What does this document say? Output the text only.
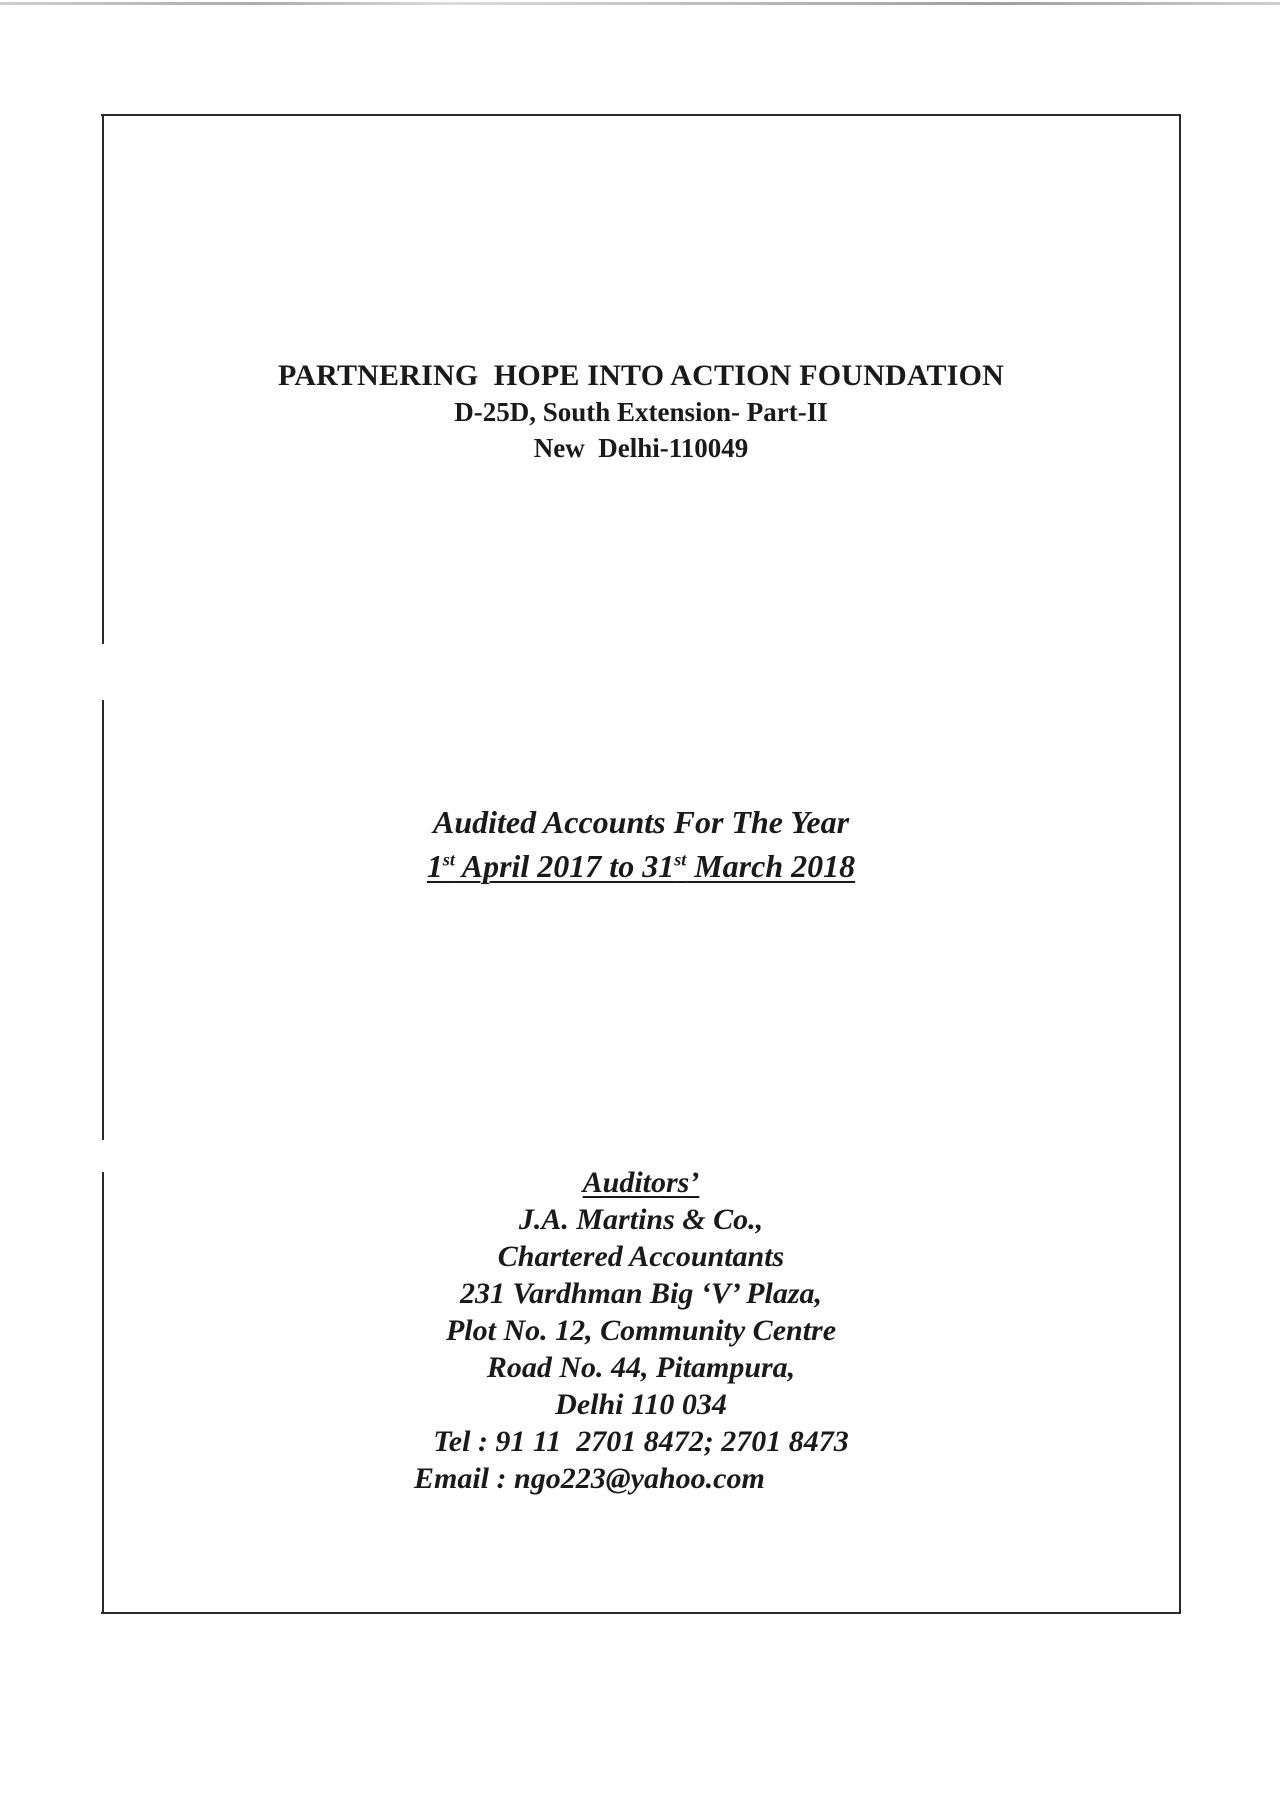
PARTNERING  HOPE INTO ACTION FOUNDATION
D-25D, South Extension- Part-II
New  Delhi-110049
Audited Accounts For The Year
1st April 2017 to 31st March 2018
Auditors’
J.A. Martins & Co.,
Chartered Accountants
231 Vardhman Big ‘V’ Plaza,
Plot No. 12, Community Centre
Road No. 44, Pitampura,
Delhi 110 034
Tel : 91 11  2701 8472; 2701 8473
Email : ngo223@yahoo.com
